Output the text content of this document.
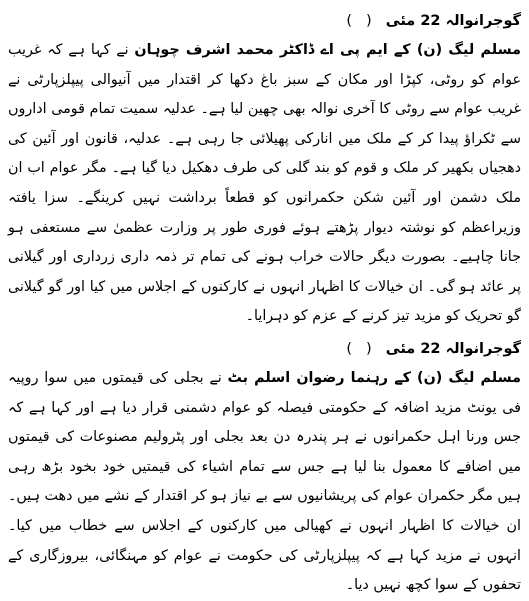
گوجرانوالہ 22 مئی
(
)

مسلم لیگ (ن) کے ایم پی اے ڈاکٹر محمد اشرف چوہان نے کہا ہے کہ غریب عوام کو روٹی، کپڑا اور مکان کے سبز باغ دکھا کر اقتدار میں آنیوالی پیپلزپارٹی نے غریب عوام سے روٹی کا آخری نوالہ بھی چھین لیا ہے۔ عدلیہ سمیت تمام قومی اداروں سے ٹکراؤ پیدا کر کے ملک میں انارکی پھیلائی جا رہی ہے۔ عدلیہ، قانون اور آئین کی دھجیاں بکھیر کر ملک و قوم کو بند گلی کی طرف دھکیل دیا گیا ہے۔ مگر عوام اب ان ملک دشمن اور آئین شکن حکمرانوں کو قطعاً برداشت نہیں کرینگے۔ سزا یافتہ وزیراعظم کو نوشتہ دیوار پڑھتے ہوئے فوری طور پر وزارت عظمیٰ سے مستعفی ہو جانا چاہیے۔ بصورت دیگر حالات خراب ہونے کی تمام تر ذمہ داری زرداری اور گیلانی پر عائد ہو گی۔ ان خیالات کا اظہار انہوں نے کارکنوں کے اجلاس میں کیا اور گو گیلانی گو تحریک کو مزید تیز کرنے کے عزم کو دہرایا۔

گوجرانوالہ 22 مئی
(
)

مسلم لیگ (ن) کے رہنما رضوان اسلم بٹ نے بجلی کی قیمتوں میں سوا روپیہ فی یونٹ مزید اضافہ کے حکومتی فیصلہ کو عوام دشمنی قرار دیا ہے اور کہا ہے کہ جس ورنا اہل حکمرانوں نے ہر پندرہ دن بعد بجلی اور پٹرولیم مصنوعات کی قیمتوں میں اضافے کا معمول بنا لیا ہے جس سے تمام اشیاء کی قیمتیں خود بخود بڑھ رہی ہیں مگر حکمران عوام کی پریشانیوں سے بے نیاز ہو کر اقتدار کے نشے میں دھت ہیں۔ ان خیالات کا اظہار انہوں نے کھیالی میں کارکنوں کے اجلاس سے خطاب میں کیا۔ انہوں نے مزید کہا ہے کہ پیپلزپارٹی کی حکومت نے عوام کو مہنگائی، بیروزگاری کے تحفوں کے سوا کچھ نہیں دیا۔
